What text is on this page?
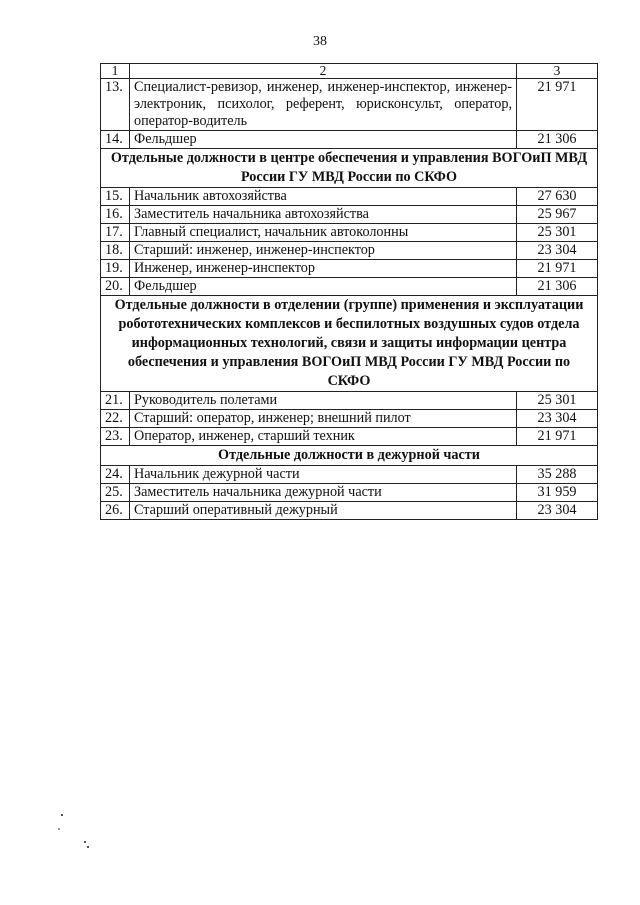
38
1	2	3
13.	Специалист-ревизор, инженер, инженер-инспектор, инженер-электроник, психолог, референт, юрисконсульт, оператор, оператор-водитель	21 971
14.	Фельдшер	21 306
Отдельные должности в центре обеспечения и управления ВОГОиП МВД России ГУ МВД России по СКФО		
15.	Начальник автохозяйства	27 630
16.	Заместитель начальника автохозяйства	25 967
17.	Главный специалист, начальник автоколонны	25 301
18.	Старший: инженер, инженер-инспектор	23 304
19.	Инженер, инженер-инспектор	21 971
20.	Фельдшер	21 306
Отдельные должности в отделении (группе) применения и эксплуатации робототехнических комплексов и беспилотных воздушных судов отдела информационных технологий, связи и защиты информации центра обеспечения и управления ВОГОиП МВД России ГУ МВД России по СКФО		
21.	Руководитель полетами	25 301
22.	Старший: оператор, инженер; внешний пилот	23 304
23.	Оператор, инженер, старший техник	21 971
Отдельные должности в дежурной части		
24.	Начальник дежурной части	35 288
25.	Заместитель начальника дежурной части	31 959
26.	Старший оперативный дежурный	23 304
